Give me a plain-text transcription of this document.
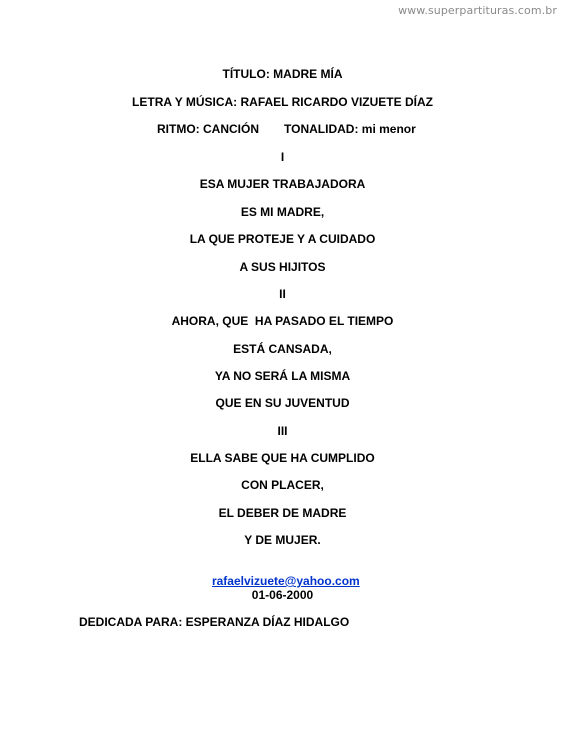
www.superpartituras.com.br
TÍTULO: MADRE MÍA
LETRA Y MÚSICA: RAFAEL RICARDO VIZUETE DÍAZ
RITMO: CANCIÓN TONALIDAD: mi menor
I
ESA MUJER TRABAJADORA
ES MI MADRE,
LA QUE PROTEJE Y A CUIDADO
A SUS HIJITOS
II
AHORA, QUE  HA PASADO EL TIEMPO
ESTÁ CANSADA,
YA NO SERÁ LA MISMA
QUE EN SU JUVENTUD
III
ELLA SABE QUE HA CUMPLIDO
CON PLACER,
EL DEBER DE MADRE
Y DE MUJER.

rafaelvizuete@yahoo.com

01-06-2000
DEDICADA PARA: ESPERANZA DÍAZ HIDALGO
